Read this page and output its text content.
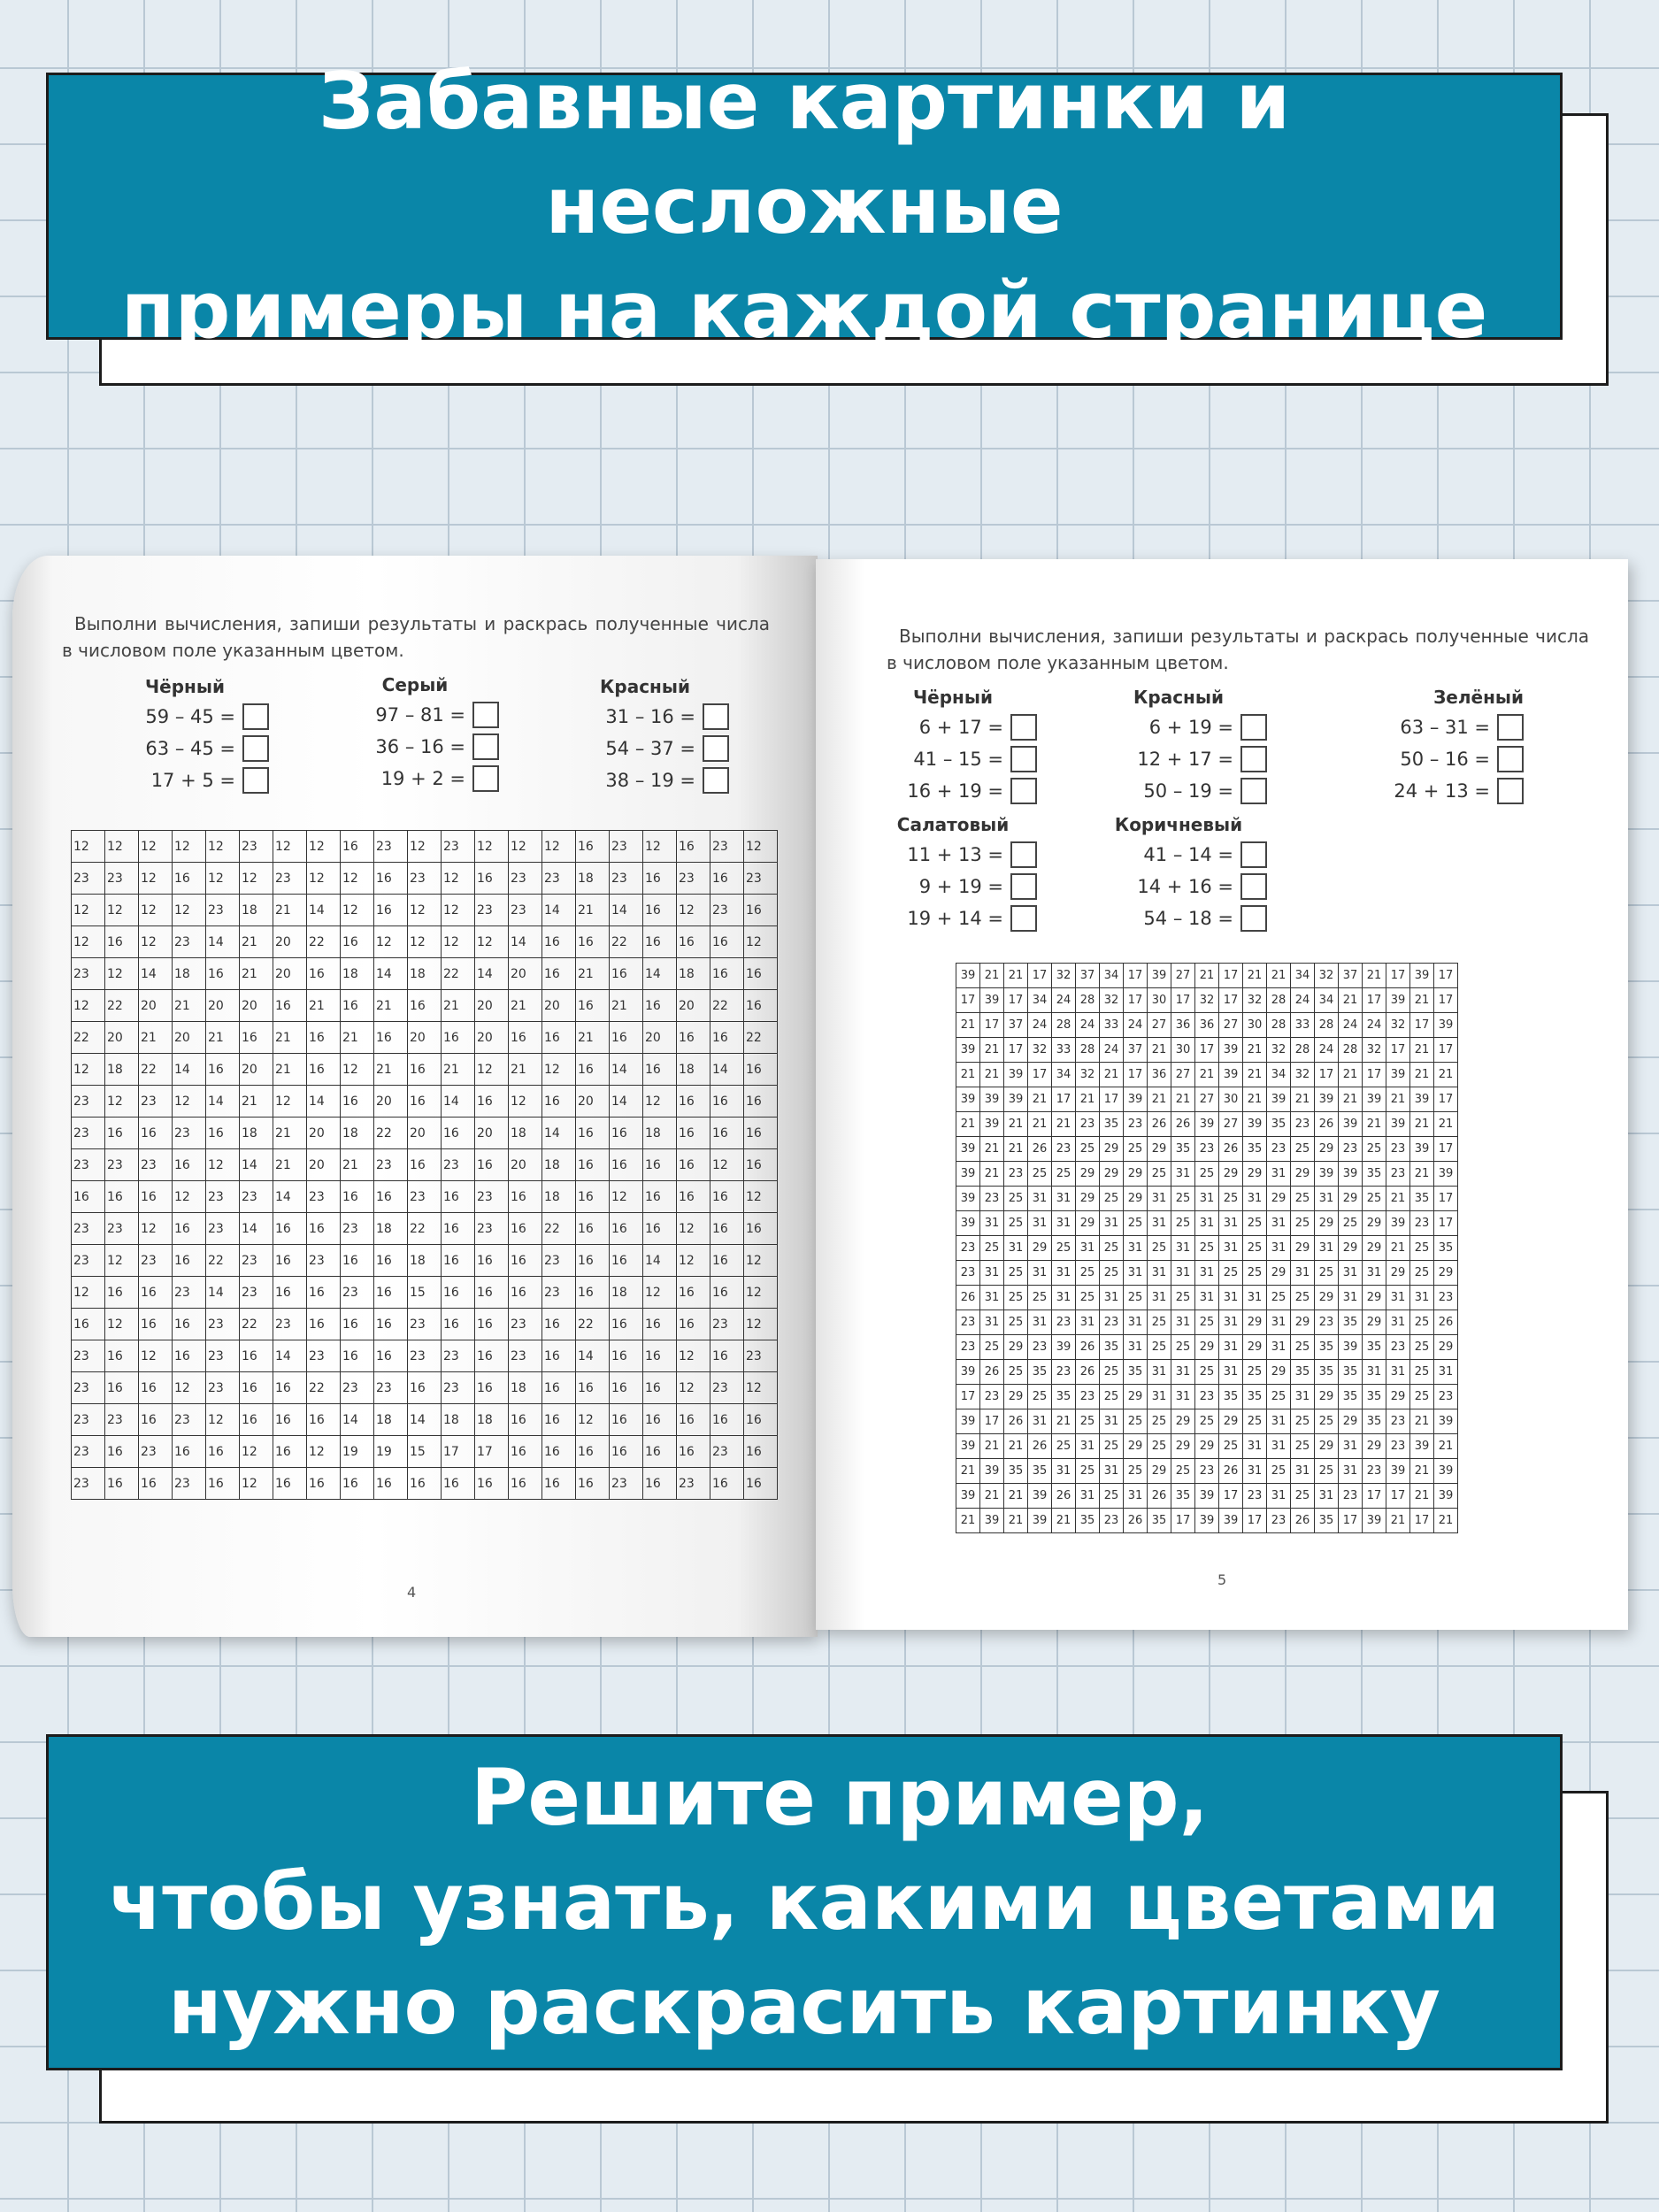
Забавные картинки и несложные
примеры на каждой странице
Выполни вычисления, запиши результаты и раскрась полученные числа
в числовом поле указанным цветом.
Чёрный
59 – 45 =
63 – 45 =
17 + 5 =
Серый
97 – 81 =
36 – 16 =
19 + 2 =
Красный
31 – 16 =
54 – 37 =
38 – 19 =
12	12	12	12	12	23	12	12	16	23	12	23	12	12	12	16	23	12	16	23	12
23	23	12	16	12	12	23	12	12	16	23	12	16	23	23	18	23	16	23	16	23
12	12	12	12	23	18	21	14	12	16	12	12	23	23	14	21	14	16	12	23	16
12	16	12	23	14	21	20	22	16	12	12	12	12	14	16	16	22	16	16	16	12
23	12	14	18	16	21	20	16	18	14	18	22	14	20	16	21	16	14	18	16	16
12	22	20	21	20	20	16	21	16	21	16	21	20	21	20	16	21	16	20	22	16
22	20	21	20	21	16	21	16	21	16	20	16	20	16	16	21	16	20	16	16	22
12	18	22	14	16	20	21	16	12	21	16	21	12	21	12	16	14	16	18	14	16
23	12	23	12	14	21	12	14	16	20	16	14	16	12	16	20	14	12	16	16	16
23	16	16	23	16	18	21	20	18	22	20	16	20	18	14	16	16	18	16	16	16
23	23	23	16	12	14	21	20	21	23	16	23	16	20	18	16	16	16	16	12	16
16	16	16	12	23	23	14	23	16	16	23	16	23	16	18	16	12	16	16	16	12
23	23	12	16	23	14	16	16	23	18	22	16	23	16	22	16	16	16	12	16	16
23	12	23	16	22	23	16	23	16	16	18	16	16	16	23	16	16	14	12	16	12
12	16	16	23	14	23	16	16	23	16	15	16	16	16	23	16	18	12	16	16	12
16	12	16	16	23	22	23	16	16	16	23	16	16	23	16	22	16	16	16	23	12
23	16	12	16	23	16	14	23	16	16	23	23	16	23	16	14	16	16	12	16	23
23	16	16	12	23	16	16	22	23	23	16	23	16	18	16	16	16	16	12	23	12
23	23	16	23	12	16	16	16	14	18	14	18	18	16	16	12	16	16	16	16	16
23	16	23	16	16	12	16	12	19	19	15	17	17	16	16	16	16	16	16	23	16
23	16	16	23	16	12	16	16	16	16	16	16	16	16	16	16	23	16	23	16	16
4
Выполни вычисления, запиши результаты и раскрась полученные числа
в числовом поле указанным цветом.
Чёрный
6 + 17 =
41 – 15 =
16 + 19 =
Красный
6 + 19 =
12 + 17 =
50 – 19 =
Зелёный
63 – 31 =
50 – 16 =
24 + 13 =
Салатовый
11 + 13 =
9 + 19 =
19 + 14 =
Коричневый
41 – 14 =
14 + 16 =
54 – 18 =
39	21	21	17	32	37	34	17	39	27	21	17	21	21	34	32	37	21	17	39	17
17	39	17	34	24	28	32	17	30	17	32	17	32	28	24	34	21	17	39	21	17
21	17	37	24	28	24	33	24	27	36	36	27	30	28	33	28	24	24	32	17	39
39	21	17	32	33	28	24	37	21	30	17	39	21	32	28	24	28	32	17	21	17
21	21	39	17	34	32	21	17	36	27	21	39	21	34	32	17	21	17	39	21	21
39	39	39	21	17	21	17	39	21	21	27	30	21	39	21	39	21	39	21	39	17
21	39	21	21	21	23	35	23	26	26	39	27	39	35	23	26	39	21	39	21	21
39	21	21	26	23	25	29	25	29	35	23	26	35	23	25	29	23	25	23	39	17
39	21	23	25	25	29	29	29	25	31	25	29	29	31	29	39	39	35	23	21	39
39	23	25	31	31	29	25	29	31	25	31	25	31	29	25	31	29	25	21	35	17
39	31	25	31	31	29	31	25	31	25	31	31	25	31	25	29	25	29	39	23	17
23	25	31	29	25	31	25	31	25	31	25	31	25	31	29	31	29	29	21	25	35
23	31	25	31	31	25	25	31	31	31	31	25	25	29	31	25	31	31	29	25	29
26	31	25	25	31	25	31	25	31	25	31	31	31	25	25	29	31	29	31	31	23
23	31	25	31	23	31	23	31	25	31	25	31	29	31	29	23	35	29	31	25	26
23	25	29	23	39	26	35	31	25	25	29	31	29	31	25	35	39	35	23	25	29
39	26	25	35	23	26	25	35	31	31	25	31	25	29	35	35	35	31	31	25	31
17	23	29	25	35	23	25	29	31	31	23	35	35	25	31	29	35	35	29	25	23
39	17	26	31	21	25	31	25	25	29	25	29	25	31	25	25	29	35	23	21	39
39	21	21	26	25	31	25	29	25	29	29	25	31	31	25	29	31	29	23	39	21
21	39	35	35	31	25	31	25	29	25	23	26	31	25	31	25	31	23	39	21	39
39	21	21	39	26	31	25	31	26	35	39	17	23	31	25	31	23	17	17	21	39
21	39	21	39	21	35	23	26	35	17	39	39	17	23	26	35	17	39	21	17	21
5
Решите пример,
чтобы узнать, какими цветами
нужно раскрасить картинку
